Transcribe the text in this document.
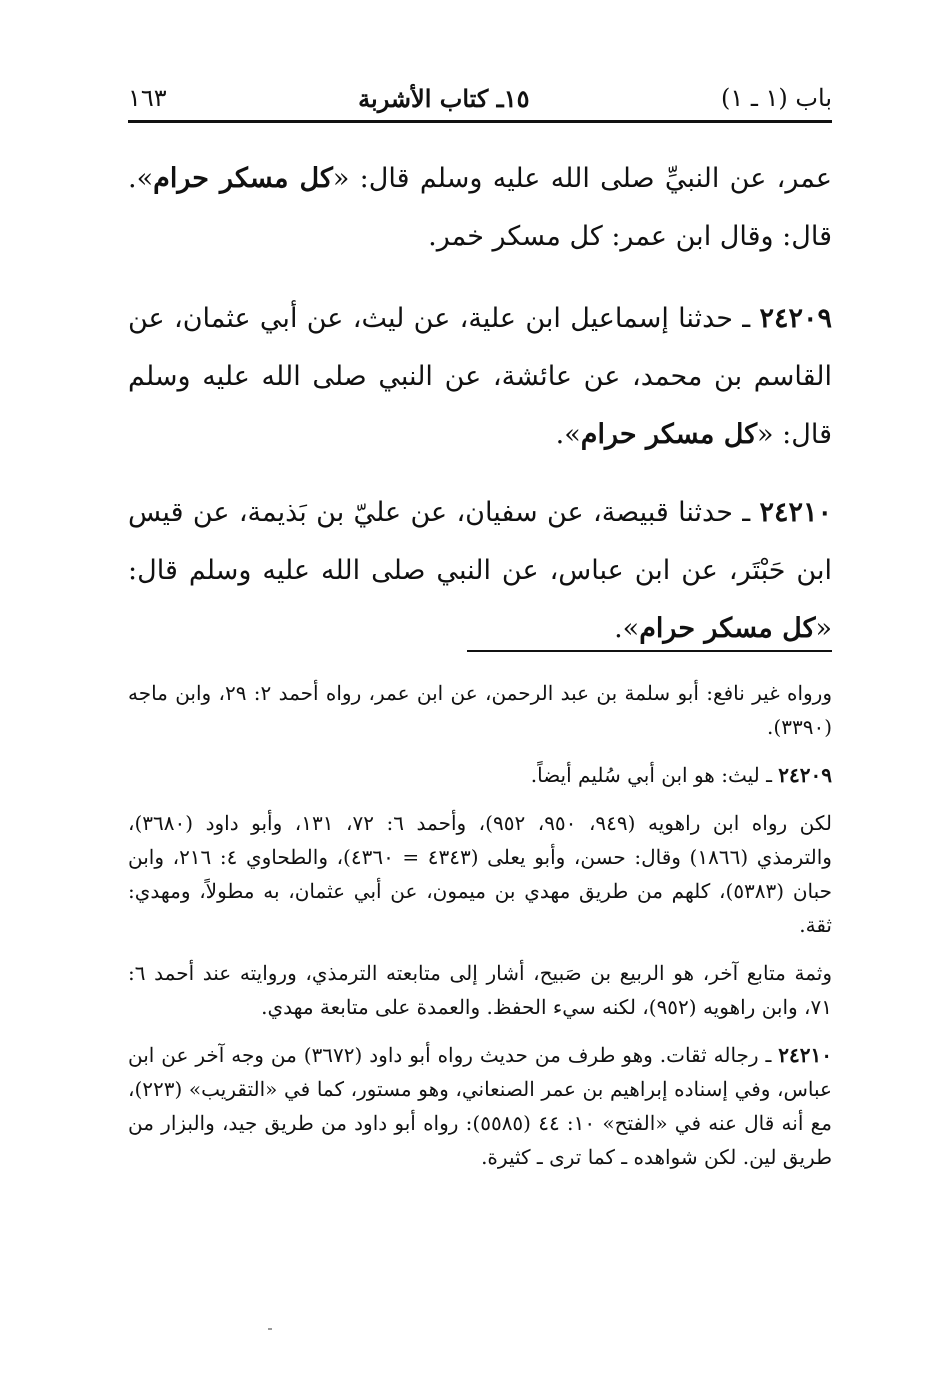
باب (١ ـ ١)
١٥ـ كتاب الأشربة
١٦٣

عمر، عن النبيِّ صلى الله عليه وسلم قال: «كل مسكر حرام». قال: وقال ابن عمر: كل مسكر خمر.

٢٤٢٠٩ ـ حدثنا إسماعيل ابن علية، عن ليث، عن أبي عثمان، عن القاسم بن محمد، عن عائشة، عن النبي صلى الله عليه وسلم قال: «كل مسكر حرام».

٢٤٢١٠ ـ حدثنا قبيصة، عن سفيان، عن عليّ بن بَذيمة، عن قيس ابن حَبْتَر، عن ابن عباس، عن النبي صلى الله عليه وسلم قال: «كل مسكر حرام».

ورواه غير نافع: أبو سلمة بن عبد الرحمن، عن ابن عمر، رواه أحمد ٢: ٢٩، وابن ماجه (٣٣٩٠).

٢٤٢٠٩ ـ ليث: هو ابن أبي سُليم أيضاً.

لكن رواه ابن راهويه (٩٤٩، ٩٥٠، ٩٥٢)، وأحمد ٦: ٧٢، ١٣١، وأبو داود (٣٦٨٠)، والترمذي (١٨٦٦) وقال: حسن، وأبو يعلى (٤٣٤٣ = ٤٣٦٠)، والطحاوي ٤: ٢١٦، وابن حبان (٥٣٨٣)، كلهم من طريق مهدي بن ميمون، عن أبي عثمان، به مطولاً، ومهدي: ثقة.

وثمة متابع آخر، هو الربيع بن صَبيح، أشار إلى متابعته الترمذي، وروايته عند أحمد ٦: ٧١، وابن راهويه (٩٥٢)، لكنه سيء الحفظ. والعمدة على متابعة مهدي.

٢٤٢١٠ ـ رجاله ثقات. وهو طرف من حديث رواه أبو داود (٣٦٧٢) من وجه آخر عن ابن عباس، وفي إسناده إبراهيم بن عمر الصنعاني، وهو مستور، كما في «التقريب» (٢٢٣)، مع أنه قال عنه في «الفتح» ١٠: ٤٤ (٥٥٨٥): رواه أبو داود من طريق جيد، والبزار من طريق لين. لكن شواهده ـ كما ترى ـ كثيرة.
